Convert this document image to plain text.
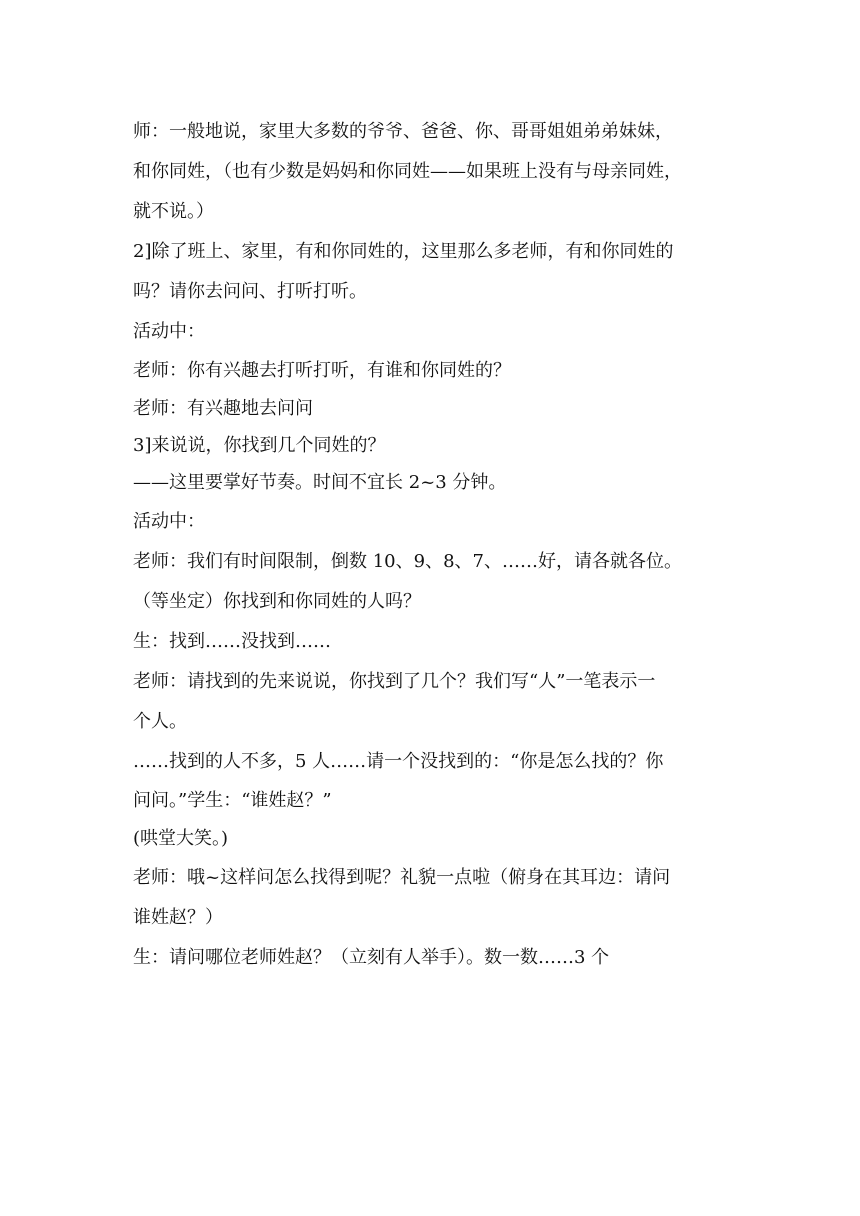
师：一般地说，家里大多数的爷爷、爸爸、你、哥哥姐姐弟弟妹妹，

和你同姓，（也有少数是妈妈和你同姓——如果班上没有与母亲同姓，

就不说。）

2]除了班上、家里，有和你同姓的，这里那么多老师，有和你同姓的

吗？请你去问问、打听打听。

活动中：

老师：你有兴趣去打听打听，有谁和你同姓的？

老师：有兴趣地去问问

3]来说说，你找到几个同姓的？

——这里要掌好节奏。时间不宜长 2~3 分钟。

活动中：

老师：我们有时间限制，倒数 10、9、8、7、……好，请各就各位。

（等坐定）你找到和你同姓的人吗？

生：找到……没找到……

老师：请找到的先来说说，你找到了几个？我们写“人”一笔表示一

个人。

……找到的人不多，5 人……请一个没找到的：“你是怎么找的？你

问问。”学生：“谁姓赵？”

(哄堂大笑。)

老师：哦~这样问怎么找得到呢？礼貌一点啦（俯身在其耳边：请问

谁姓赵？）

生：请问哪位老师姓赵？（立刻有人举手）。数一数……3 个
